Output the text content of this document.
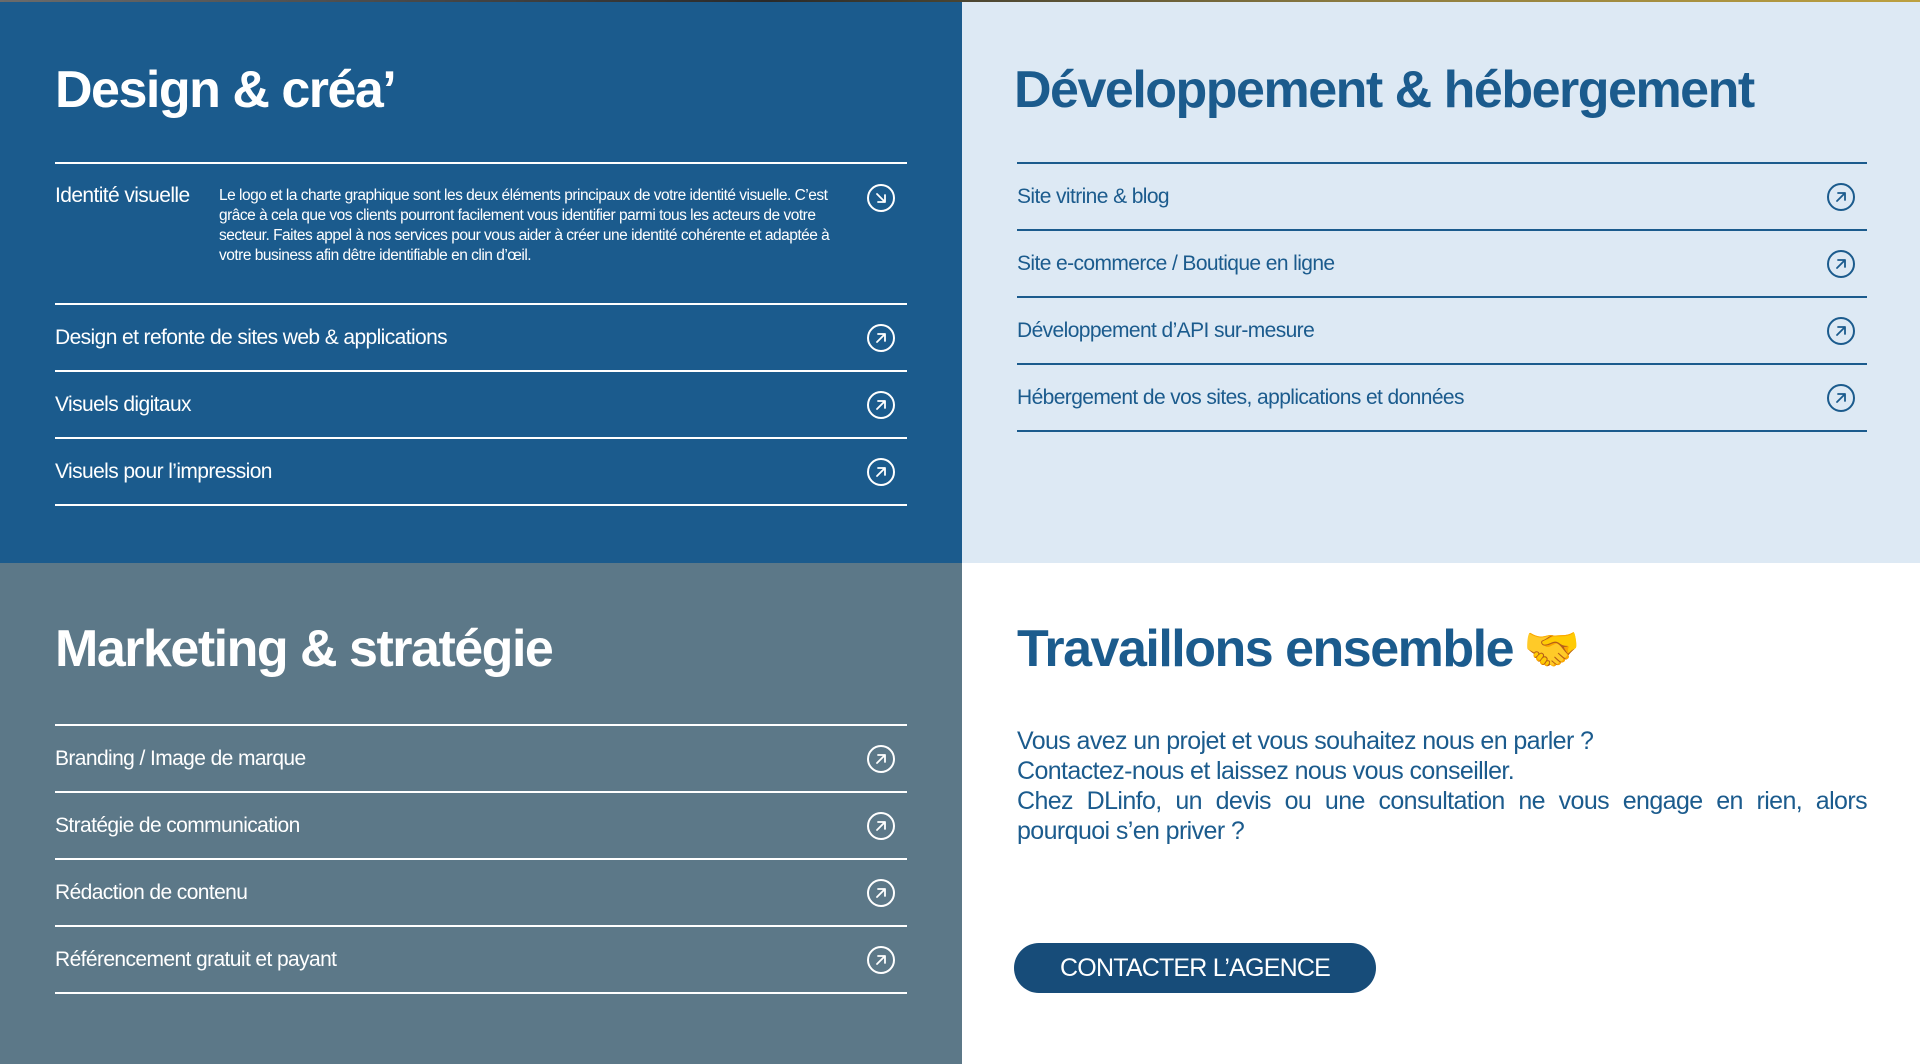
Design & créa’
Identité visuelle	Le logo et la charte graphique sont les deux éléments principaux de votre identité visuelle. C’est grâce à cela que vos clients pourront facilement vous identifier parmi tous les acteurs de votre secteur. Faites appel à nos services pour vous aider à créer une identité cohérente et adaptée à votre business afin dêtre identifiable en clin d’œil.
Design et refonte de sites web & applications
Visuels digitaux
Visuels pour l’impression
Développement & hébergement
Site vitrine & blog
Site e-commerce / Boutique en ligne
Développement d’API sur-mesure
Hébergement de vos sites, applications et données
Marketing & stratégie
Branding / Image de marque
Stratégie de communication
Rédaction de contenu
Référencement gratuit et payant
Travaillons ensemble 🤝

Vous avez un projet et vous souhaitez nous en parler ?

Contactez-nous et laissez nous vous conseiller.

Chez DLinfo, un devis ou une consultation ne vous engage en rien, alors pourquoi s’en priver ?

CONTACTER L’AGENCE
